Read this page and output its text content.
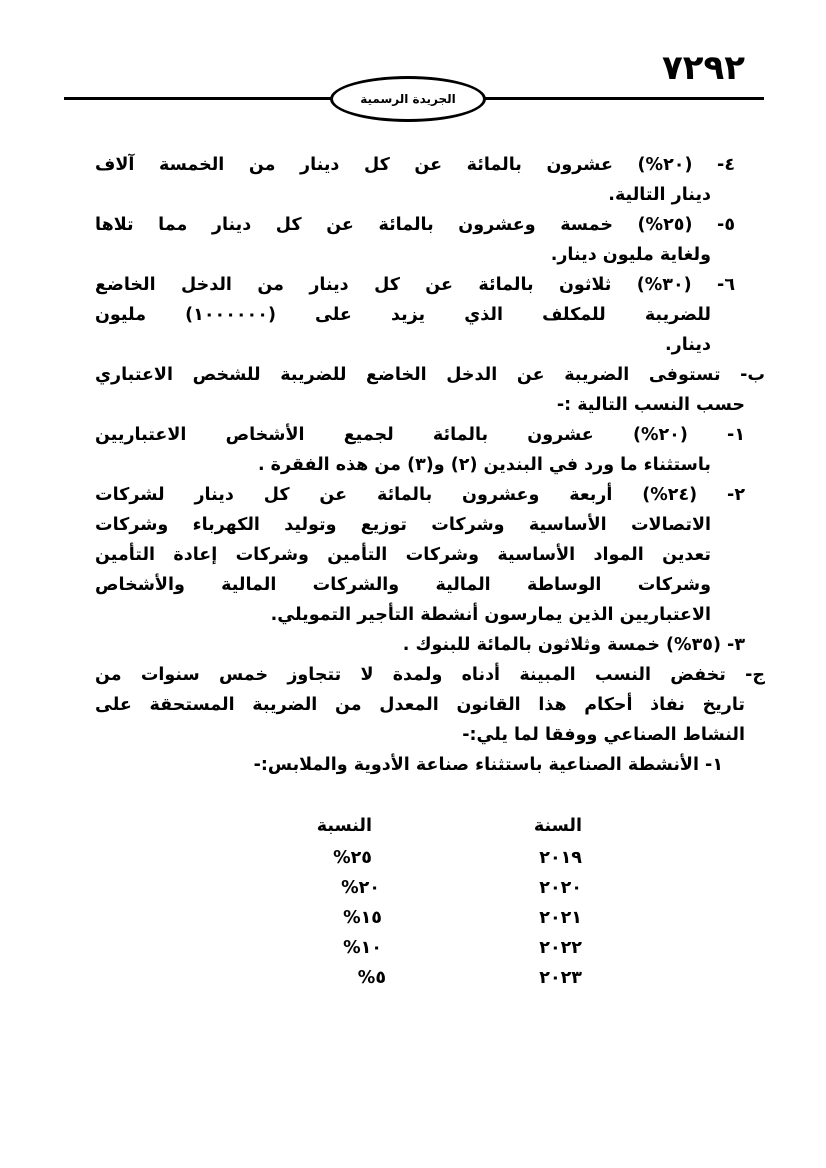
٧٢٩٢
الجريدة الرسمية
٤- (٢٠%) عشرون بالمائة عن كل دينار من الخمسة آلاف
دينار التالية.
٥- (٢٥%) خمسة وعشرون بالمائة عن كل دينار مما تلاها
ولغاية مليون دينار.
٦- (٣٠%) ثلاثون بالمائة عن كل دينار من الدخل الخاضع
للضريبة للمكلف الذي يزيد على (١٠٠٠٠٠٠) مليون
دينار.
ب- تستوفى الضريبة عن الدخل الخاضع للضريبة للشخص الاعتباري
حسب النسب التالية :-
١- (٢٠%) عشرون بالمائة لجميع الأشخاص الاعتباريين
باستثناء ما ورد في البندين (٢) و(٣) من هذه الفقرة .
٢- (٢٤%) أربعة وعشرون بالمائة عن كل دينار لشركات
الاتصالات الأساسية وشركات توزيع وتوليد الكهرباء وشركات
تعدين المواد الأساسية وشركات التأمين وشركات إعادة التأمين
وشركات الوساطة المالية والشركات المالية والأشخاص
الاعتباريين الذين يمارسون أنشطة التأجير التمويلي.
٣- (٣٥%) خمسة وثلاثون بالمائة للبنوك .
ج- تخفض النسب المبينة أدناه ولمدة لا تتجاوز خمس سنوات من
تاريخ نفاذ أحكام هذا القانون المعدل من الضريبة المستحقة على
النشاط الصناعي ووفقا لما يلي:-
١- الأنشطة الصناعية باستثناء صناعة الأدوية والملابس:-
السنة
النسبة
٢٠١٩
٢٥%
٢٠٢٠
٢٠%
٢٠٢١
١٥%
٢٠٢٢
١٠%
٢٠٢٣
٥%
